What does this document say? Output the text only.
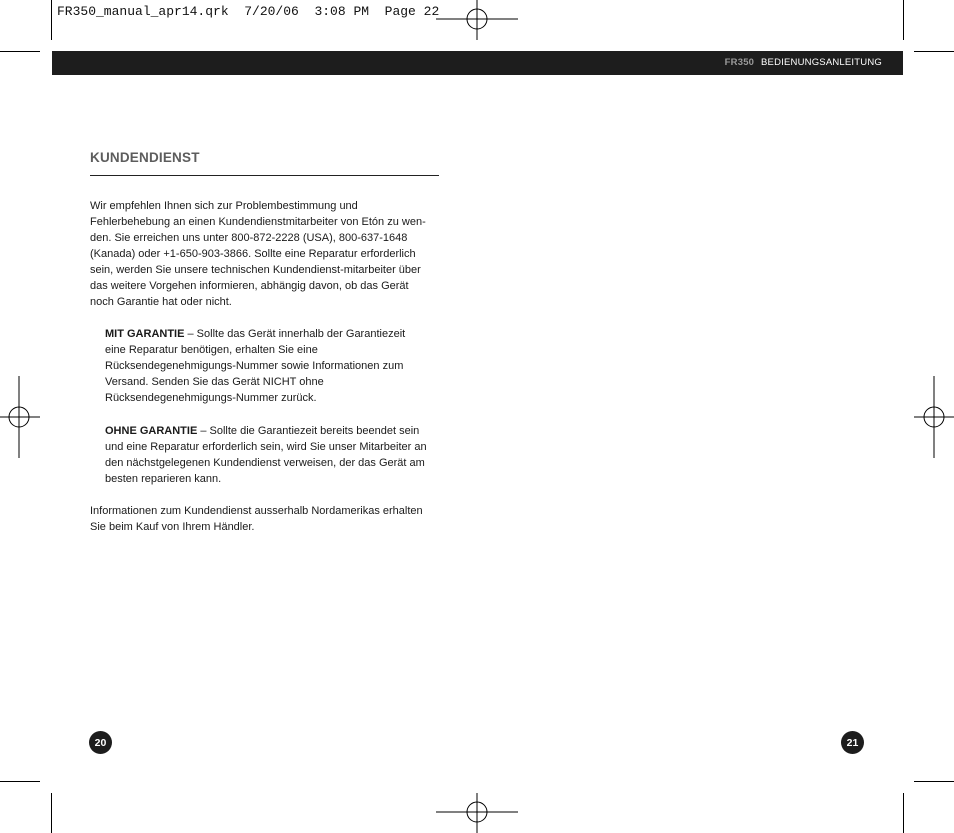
FR350_manual_apr14.qrk  7/20/06  3:08 PM  Page 22
FR350 BEDIENUNGSANLEITUNG
KUNDENDIENST
Wir empfehlen Ihnen sich zur Problembestimmung und
Fehlerbehebung an einen Kundendienstmitarbeiter von Etón zu wen-
den. Sie erreichen uns unter 800-872-2228 (USA), 800-637-1648
(Kanada) oder +1-650-903-3866. Sollte eine Reparatur erforderlich
sein, werden Sie unsere technischen Kundendienst-mitarbeiter über
das weitere Vorgehen informieren, abhängig davon, ob das Gerät
noch Garantie hat oder nicht.
MIT GARANTIE – Sollte das Gerät innerhalb der Garantiezeit
eine Reparatur benötigen, erhalten Sie eine
Rücksendegenehmigungs-Nummer sowie Informationen zum
Versand. Senden Sie das Gerät NICHT ohne
Rücksendegenehmigungs-Nummer zurück.
OHNE GARANTIE – Sollte die Garantiezeit bereits beendet sein
und eine Reparatur erforderlich sein, wird Sie unser Mitarbeiter an
den nächstgelegenen Kundendienst verweisen, der das Gerät am
besten reparieren kann.
Informationen zum Kundendienst ausserhalb Nordamerikas erhalten
Sie beim Kauf von Ihrem Händler.
20	21
